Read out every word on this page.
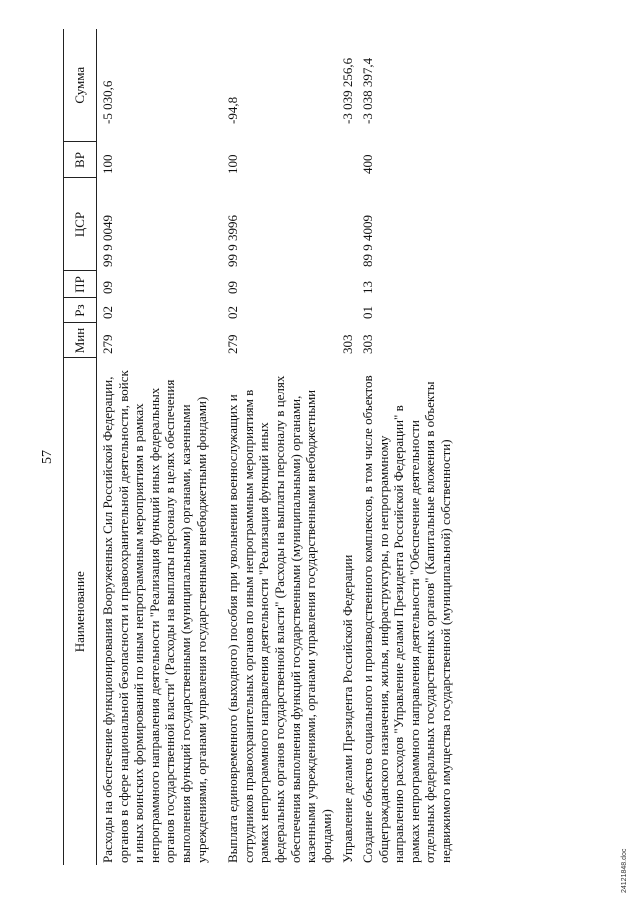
57
Наименование	Мин	Рз	ПР	ЦСР	ВР	Сумма
Расходы на обеспечение функционирования Вооруженных Сил Российской Федерации, органов в сфере национальной безопасности и правоохранительной деятельности, войск и иных воинских формирований по иным непрограммным мероприятиям в рамках непрограммного направления деятельности "Реализация функций иных федеральных органов государственной власти" (Расходы на выплаты персоналу в целях обеспечения выполнения функций государственными (муниципальными) органами, казенными учреждениями, органами управления государственными внебюджетными фондами)	279	02	09	99 9 0049	100	-5 030,6
Выплата единовременного (выходного) пособия при увольнении военнослужащих и сотрудников правоохранительных органов по иным непрограммным мероприятиям в рамках непрограммного направления деятельности "Реализация функций иных федеральных органов государственной власти" (Расходы на выплаты персоналу в целях обеспечения выполнения функций государственными (муниципальными) органами, казенными учреждениями, органами управления государственными внебюджетными фондами)	279	02	09	99 9 3996	100	-94,8
Управление делами Президента Российской Федерации	303					-3 039 256,6
Создание объектов социального и производственного комплексов, в том числе объектов общегражданского назначения, жилья, инфраструктуры, по непрограммному направлению расходов "Управление делами Президента Российской Федерации" в рамках непрограммного направления деятельности "Обеспечение деятельности отдельных федеральных государственных органов" (Капитальные вложения в объекты недвижимого имущества государственной (муниципальной) собственности)	303	01	13	89 9 4009	400	-3 038 397,4
24121848.doc
